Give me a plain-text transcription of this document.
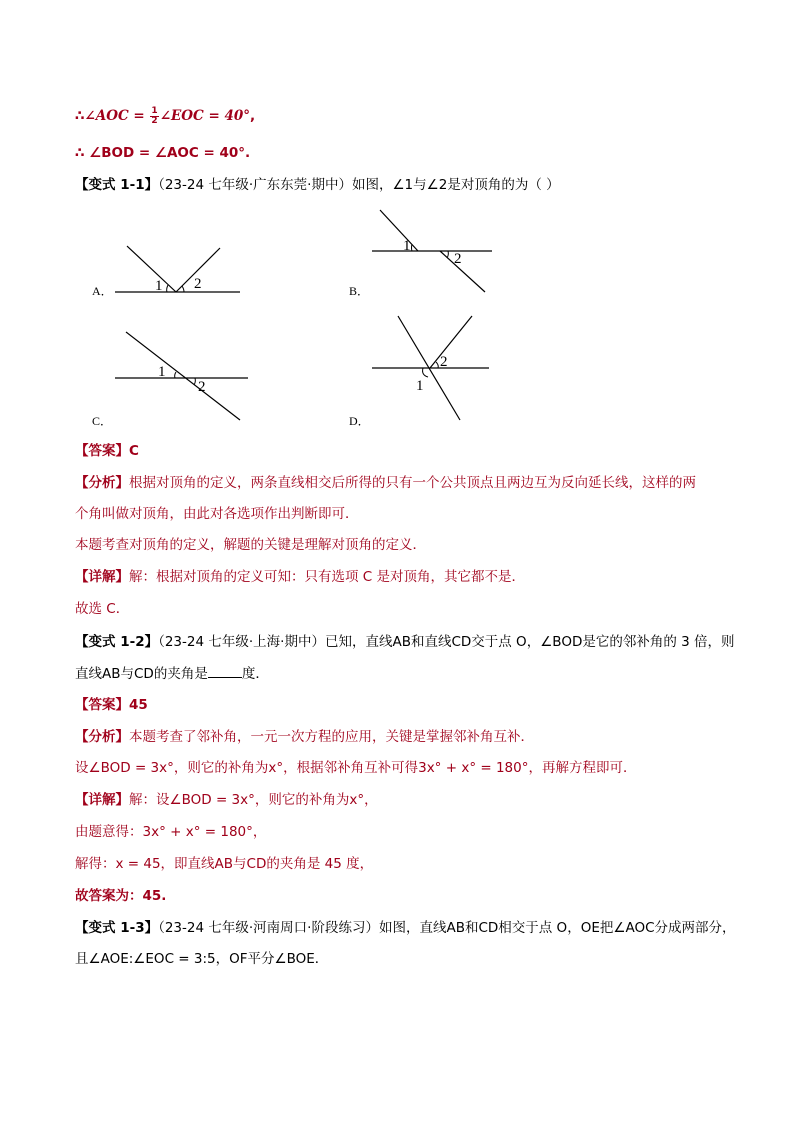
∴∠AOC = $\frac{1}{2}$ ∠EOC = 40°,
∴ ∠BOD = ∠AOC = 40°.
【变式 1-1】（23-24 七年级·广东东莞·期中）如图，∠1与∠2是对顶角的为（ ）
A．	1 2	B．
1
2
C．
1
2
D．
2
1
【答案】C
【分析】根据对顶角的定义，两条直线相交后所得的只有一个公共顶点且两边互为反向延长线，这样的两
个角叫做对顶角，由此对各选项作出判断即可．
本题考查对顶角的定义，解题的关键是理解对顶角的定义．
【详解】解：根据对顶角的定义可知：只有选项 C 是对顶角，其它都不是．
故选 C．
【变式 1-2】（23-24 七年级·上海·期中）已知，直线AB和直线CD交于点 O，∠BOD是它的邻补角的 3 倍，则
直线AB与CD的夹角是	度．
【答案】45
【分析】本题考查了邻补角，一元一次方程的应用，关键是掌握邻补角互补．
设∠BOD = 3x°，则它的补角为x°，根据邻补角互补可得3x° + x° = 180°，再解方程即可．
【详解】解：设∠BOD = 3x°，则它的补角为x°，
由题意得：3x° + x° = 180°，
解得：x = 45，即直线AB与CD的夹角是 45 度，
故答案为：45.
【变式 1-3】（23-24 七年级·河南周口·阶段练习）如图，直线AB和CD相交于点 O，OE把∠AOC分成两部分，
且∠AOE:∠EOC = 3:5，OF平分∠BOE．
